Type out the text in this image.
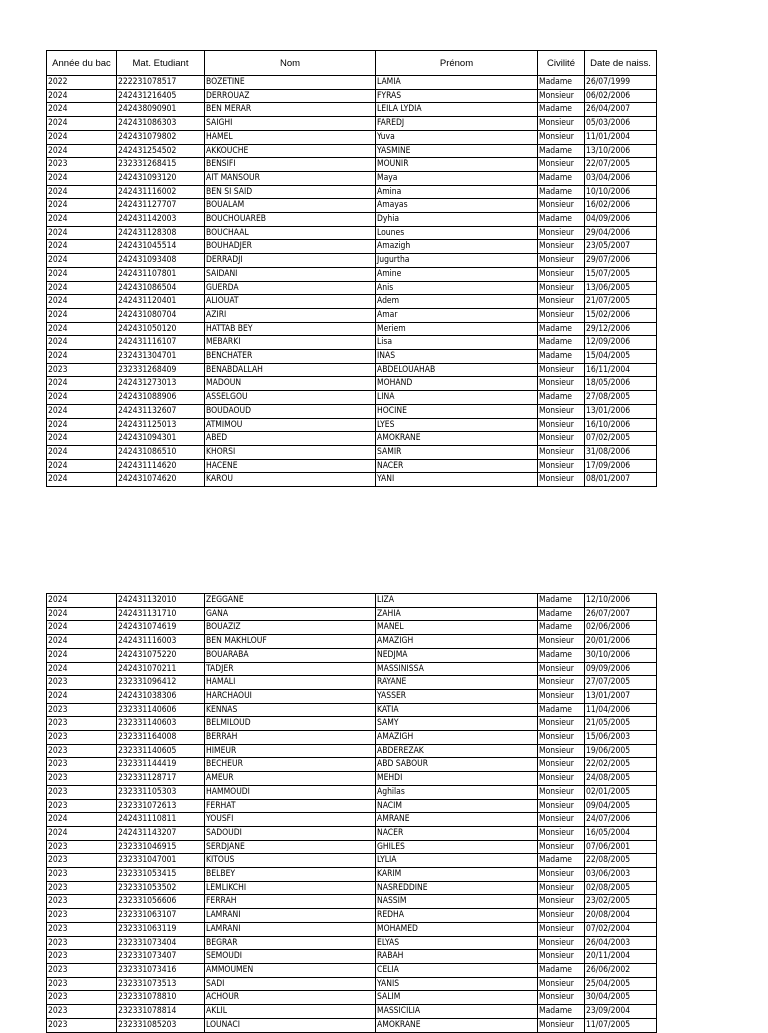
Année du bac	Mat. Etudiant	Nom	Prénom	Civilité	Date de naiss.
2022	222231078517	BOZETINE	LAMIA	Madame	26/07/1999
2024	242431216405	DERROUAZ	FYRAS	Monsieur	06/02/2006
2024	242438090901	BEN MERAR	LEILA LYDIA	Madame	26/04/2007
2024	242431086303	SAIGHI	FAREDJ	Monsieur	05/03/2006
2024	242431079802	HAMEL	Yuva	Monsieur	11/01/2004
2024	242431254502	AKKOUCHE	YASMINE	Madame	13/10/2006
2023	232331268415	BENSIFI	MOUNIR	Monsieur	22/07/2005
2024	242431093120	AIT MANSOUR	Maya	Madame	03/04/2006
2024	242431116002	BEN SI SAID	Amina	Madame	10/10/2006
2024	242431127707	BOUALAM	Amayas	Monsieur	16/02/2006
2024	242431142003	BOUCHOUAREB	Dyhia	Madame	04/09/2006
2024	242431128308	BOUCHAAL	Lounes	Monsieur	29/04/2006
2024	242431045514	BOUHADJER	Amazigh	Monsieur	23/05/2007
2024	242431093408	DERRADJI	Jugurtha	Monsieur	29/07/2006
2024	242431107801	SAIDANI	Amine	Monsieur	15/07/2005
2024	242431086504	GUERDA	Anis	Monsieur	13/06/2005
2024	242431120401	ALIOUAT	Adem	Monsieur	21/07/2005
2024	242431080704	AZIRI	Amar	Monsieur	15/02/2006
2024	242431050120	HATTAB BEY	Meriem	Madame	29/12/2006
2024	242431116107	MEBARKI	Lisa	Madame	12/09/2006
2024	232431304701	BENCHATER	INAS	Madame	15/04/2005
2023	232331268409	BENABDALLAH	ABDELOUAHAB	Monsieur	16/11/2004
2024	242431273013	MADOUN	MOHAND	Monsieur	18/05/2006
2024	242431088906	ASSELGOU	LINA	Madame	27/08/2005
2024	242431132607	BOUDAOUD	HOCINE	Monsieur	13/01/2006
2024	242431125013	ATMIMOU	LYES	Monsieur	16/10/2006
2024	242431094301	ABED	AMOKRANE	Monsieur	07/02/2005
2024	242431086510	KHORSI	SAMIR	Monsieur	31/08/2006
2024	242431114620	HACENE	NACER	Monsieur	17/09/2006
2024	242431074620	KAROU	YANI	Monsieur	08/01/2007
2024	242431132010	ZEGGANE	LIZA	Madame	12/10/2006
2024	242431131710	GANA	ZAHIA	Madame	26/07/2007
2024	242431074619	BOUAZIZ	MANEL	Madame	02/06/2006
2024	242431116003	BEN MAKHLOUF	AMAZIGH	Monsieur	20/01/2006
2024	242431075220	BOUARABA	NEDJMA	Madame	30/10/2006
2024	242431070211	TADJER	MASSINISSA	Monsieur	09/09/2006
2023	232331096412	HAMALI	RAYANE	Monsieur	27/07/2005
2024	242431038306	HARCHAOUI	YASSER	Monsieur	13/01/2007
2023	232331140606	KENNAS	KATIA	Madame	11/04/2006
2023	232331140603	BELMILOUD	SAMY	Monsieur	21/05/2005
2023	232331164008	BERRAH	AMAZIGH	Monsieur	15/06/2003
2023	232331140605	HIMEUR	ABDEREZAK	Monsieur	19/06/2005
2023	232331144419	BECHEUR	ABD SABOUR	Monsieur	22/02/2005
2023	232331128717	AMEUR	MEHDI	Monsieur	24/08/2005
2023	232331105303	HAMMOUDI	Aghilas	Monsieur	02/01/2005
2023	232331072613	FERHAT	NACIM	Monsieur	09/04/2005
2024	242431110811	YOUSFI	AMRANE	Monsieur	24/07/2006
2024	242431143207	SADOUDI	NACER	Monsieur	16/05/2004
2023	232331046915	SERDJANE	GHILES	Monsieur	07/06/2001
2023	232331047001	KITOUS	LYLIA	Madame	22/08/2005
2023	232331053415	BELBEY	KARIM	Monsieur	03/06/2003
2023	232331053502	LEMLIKCHI	NASREDDINE	Monsieur	02/08/2005
2023	232331056606	FERRAH	NASSIM	Monsieur	23/02/2005
2023	232331063107	LAMRANI	REDHA	Monsieur	20/08/2004
2023	232331063119	LAMRANI	MOHAMED	Monsieur	07/02/2004
2023	232331073404	BEGRAR	ELYAS	Monsieur	26/04/2003
2023	232331073407	SEMOUDI	RABAH	Monsieur	20/11/2004
2023	232331073416	AMMOUMEN	CELIA	Madame	26/06/2002
2023	232331073513	SADI	YANIS	Monsieur	25/04/2005
2023	232331078810	ACHOUR	SALIM	Monsieur	30/04/2005
2023	232331078814	AKLIL	MASSICILIA	Madame	23/09/2004
2023	232331085203	LOUNACI	AMOKRANE	Monsieur	11/07/2005
